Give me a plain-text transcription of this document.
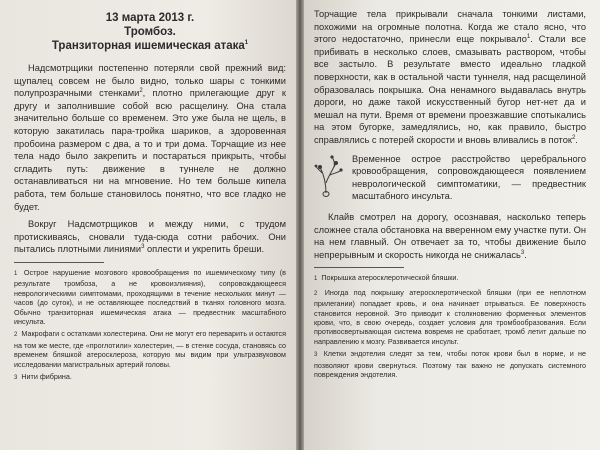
13 марта 2013 г.
Тромбоз.
Транзиторная ишемическая атака$^1$

Надсмотрщики постепенно потеряли свой прежний вид: щупалец совсем не было видно, только шары с тонкими полупрозрачными стенками$^2$, плотно прилегающие друг к другу и заполнившие собой всю расщелину. Она стала значительно больше со временем. Это уже была не щель, в которую закатилась пара-тройка шариков, а здоровенная пробоина размером с два, а то и три дома. Торчащие из нее тела надо было закрепить и постараться прикрыть, чтобы сгладить путь: движение в туннеле не должно останавливаться ни на мгновение. Но тем больше кипела работа, тем больше становилось понятно, что все гладко не будет.

Вокруг Надсмотрщиков и между ними, с трудом протискиваясь, сновали туда-сюда сотни рабочих. Они пытались плотными линиями$^3$ оплести и укрепить бреши.

1 Острое нарушение мозгового кровообращения по ишемическому типу (в результате тромбоза, а не кровоизлияния), сопровождающееся неврологическими симптомами, проходящими в течение нескольких минут — часов (до суток), и не оставляющее последствий в тканях головного мозга. Обычно транзиторная ишемическая атака — предвестник масштабного инсульта.
2 Макрофаги с остатками холестерина. Они не могут его переварить и остаются на том же месте, где «проглотили» холестерин, — в стенке сосуда, становясь со временем бляшкой атеросклероза, которую мы видим при ультразвуковом исследовании магистральных артерий головы.
3 Нити фибрина.

Торчащие тела прикрывали сначала тонкими листами, похожими на огромные полотна. Когда же стало ясно, что этого недостаточно, принесли еще покрывало$^1$. Стали все прибивать в несколько слоев, смазывать раствором, чтобы все застыло. В результате вместо идеально гладкой поверхности, как в остальной части туннеля, над расщелиной образовалась покрышка. Она ненамного выдавалась внутрь дороги, но даже такой искусственный бугор нет-нет да и мешал на пути. Время от времени проезжавшие спотыкались на этом бугорке, замедлялись, но, как правило, быстро справлялись с потерей скорости и вновь вливались в поток$^2$.

Временное острое расстройство церебрального кровообращения, сопровождающееся появлением неврологической симптоматики, — предвестник масштабного инсульта.

Клайв смотрел на дорогу, осознавая, насколько теперь сложнее стала обстановка на вверенном ему участке пути. Он на нем главный. Он отвечает за то, чтобы движение было непрерывным и скорость никогда не снижалась$^3$.

1 Покрышка атеросклеротической бляшки.
2 Иногда под покрышку атеросклеротической бляшки (при ее неплотном прилегании) попадает кровь, и она начинает отрываться. Ее поверхность становится неровной. Это приводит к столкновению форменных элементов крови, что, в свою очередь, создает условия для тромбообразования. Если противосвертывающая система вовремя не сработает, тромб летит дальше по направлению к мозгу. Развивается инсульт.
3 Клетки эндотелия следят за тем, чтобы поток крови был в норме, и не позволяют крови свернуться. Поэтому так важно не допускать системного повреждения эндотелия.
